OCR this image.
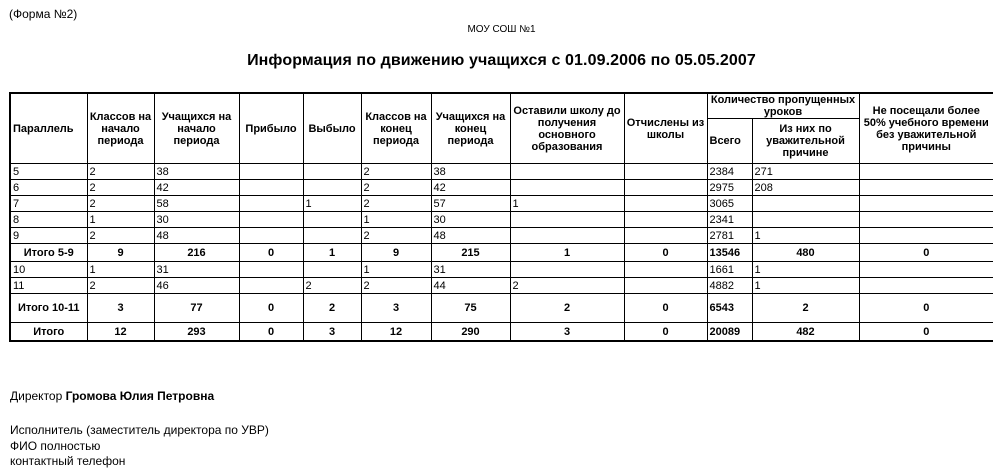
(Форма №2)
МОУ СОШ №1
Информация по движению учащихся с 01.09.2006 по 05.05.2007
Параллель	Классов на начало периода	Учащихся на начало периода	Прибыло	Выбыло	Классов на конец периода	Учащихся на конец периода	Оставили школу до получения основного образования	Отчислены из школы	Количество пропущенных уроков		Не посещали более 50% учебного времени без уважительной причины
									Всего	Из них по уважительной причине	
5	2	38			2	38			2384	271	
6	2	42			2	42			2975	208	
7	2	58		1	2	57	1		3065		
8	1	30			1	30			2341		
9	2	48			2	48			2781	1	
Итого 5-9	9	216	0	1	9	215	1	0	13546	480	0
10	1	31			1	31			1661	1	
11	2	46		2	2	44	2		4882	1	
Итого 10-11	3	77	0	2	3	75	2	0	6543	2	0
Итого	12	293	0	3	12	290	3	0	20089	482	0
Директор Громова Юлия Петровна
Исполнитель (заместитель директора по УВР)
ФИО полностью
контактный телефон
